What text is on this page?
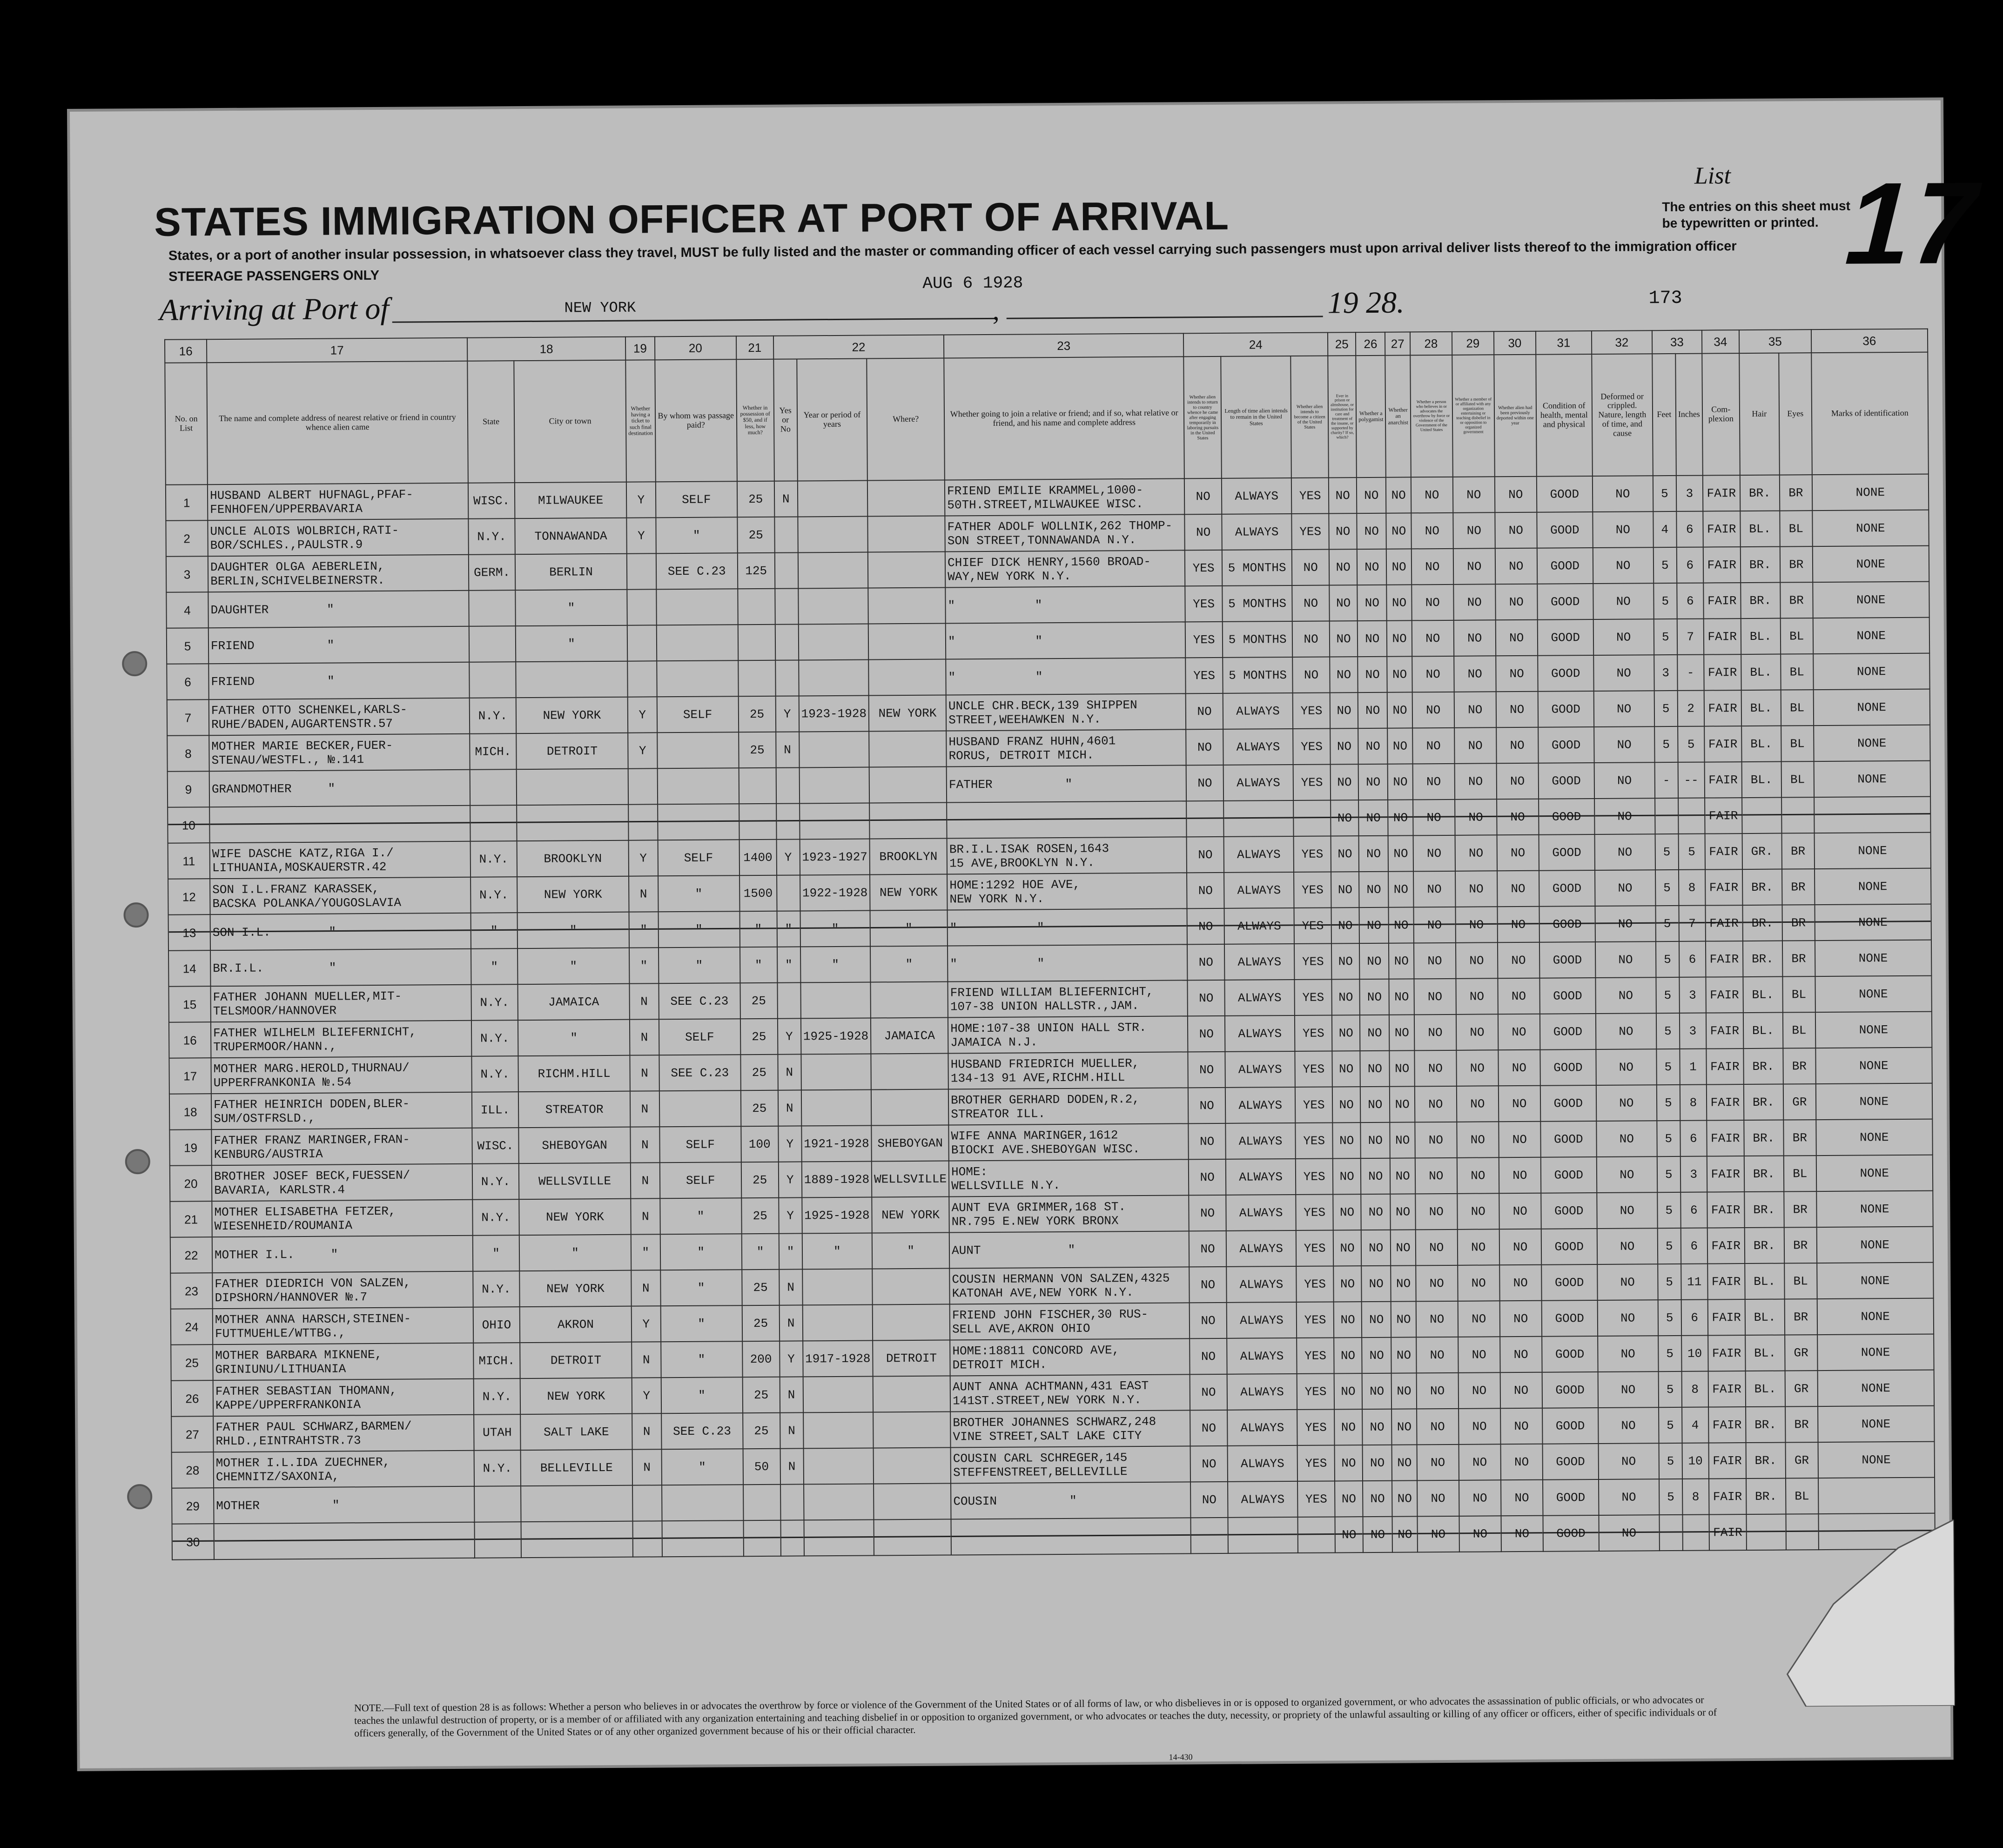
STATES IMMIGRATION OFFICER AT PORT OF ARRIVAL
States, or a port of another insular possession, in whatsoever class they travel, MUST be fully listed and the master or commanding officer of each vessel carrying such passengers must upon arrival deliver lists thereof to the immigration officer
STEERAGE PASSENGERS ONLY
List
The entries on this sheet must
be typewritten or printed. 17
Arriving at Port of	NEW YORK
AUG 6 1928
,	19 28.	173
16	17	18		19	20	21	22			23	24			25	26	27	28	29	30	31	32	33		34	35		36
No. on List	The name and complete address of nearest relative or friend in country whence alien came	State	City or town	Whether having a ticket to such final destination	By whom was passage paid?	Whether in possession of $50, and if less, how much?	Yes or No	Year or period of years	Where?	Whether going to join a relative or friend; and if so, what relative or friend, and his name and complete address	Whether alien intends to return to country whence he came after engaging temporarily in laboring pursuits in the United States	Length of time alien intends to remain in the United States	Whether alien intends to become a citizen of the United States	Ever in prison or almshouse, or institution for care and treatment of the insane, or supported by charity? If so, which?	Whether a polygamist	Whether an anarchist	Whether a person who believes in or advocates the overthrow by force or violence of the Government of the United States	Whether a member of or affiliated with any organization entertaining or teaching disbelief in or opposition to organized government	Whether alien had been previously deported within one year	Condition of health, mental and physical	Deformed or crippled. Nature, length of time, and cause	Feet	Inches	Com- plexion	Hair	Eyes	Marks of identification
1	HUSBAND ALBERT HUFNAGL,PFAF-
FENHOFEN/UPPERBAVARIA	WISC.	MILWAUKEE	Y	SELF	25	N			FRIEND EMILIE KRAMMEL,1000-
50TH.STREET,MILWAUKEE WISC.	NO	ALWAYS	YES	NO	NO	NO	NO	NO	NO	GOOD	NO	5	3	FAIR	BR.	BR	NONE
2	UNCLE ALOIS WOLBRICH,RATI-
BOR/SCHLES.,PAULSTR.9	N.Y.	TONNAWANDA	Y	"	25				FATHER ADOLF WOLLNIK,262 THOMP-
SON STREET,TONNAWANDA N.Y.	NO	ALWAYS	YES	NO	NO	NO	NO	NO	NO	GOOD	NO	4	6	FAIR	BL.	BL	NONE
3	DAUGHTER OLGA AEBERLEIN,
BERLIN,SCHIVELBEINERSTR.	GERM.	BERLIN		SEE C.23	125				CHIEF DICK HENRY,1560 BROAD-
WAY,NEW YORK N.Y.	YES	5 MONTHS	NO	NO	NO	NO	NO	NO	NO	GOOD	NO	5	6	FAIR	BR.	BR	NONE
4	DAUGHTER        "		"							"           "	YES	5 MONTHS	NO	NO	NO	NO	NO	NO	NO	GOOD	NO	5	6	FAIR	BR.	BR	NONE
5	FRIEND          "		"							"           "	YES	5 MONTHS	NO	NO	NO	NO	NO	NO	NO	GOOD	NO	5	7	FAIR	BL.	BL	NONE
6	FRIEND          "									"           "	YES	5 MONTHS	NO	NO	NO	NO	NO	NO	NO	GOOD	NO	3	-	FAIR	BL.	BL	NONE
7	FATHER OTTO SCHENKEL,KARLS-
RUHE/BADEN,AUGARTENSTR.57	N.Y.	NEW YORK	Y	SELF	25	Y	1923-1928	NEW YORK	UNCLE CHR.BECK,139 SHIPPEN
STREET,WEEHAWKEN N.Y.	NO	ALWAYS	YES	NO	NO	NO	NO	NO	NO	GOOD	NO	5	2	FAIR	BL.	BL	NONE
8	MOTHER MARIE BECKER,FUER-
STENAU/WESTFL., №.141	MICH.	DETROIT	Y		25	N			HUSBAND FRANZ HUHN,4601
RORUS, DETROIT MICH.	NO	ALWAYS	YES	NO	NO	NO	NO	NO	NO	GOOD	NO	5	5	FAIR	BL.	BL	NONE
9	GRANDMOTHER     "									FATHER          "	NO	ALWAYS	YES	NO	NO	NO	NO	NO	NO	GOOD	NO	-	--	FAIR	BL.	BL	NONE
10														NO	NO	NO	NO	NO	NO	GOOD	NO			FAIR			
11	WIFE DASCHE KATZ,RIGA I./
LITHUANIA,MOSKAUERSTR.42	N.Y.	BROOKLYN	Y	SELF	1400	Y	1923-1927	BROOKLYN	BR.I.L.ISAK ROSEN,1643
15 AVE,BROOKLYN N.Y.	NO	ALWAYS	YES	NO	NO	NO	NO	NO	NO	GOOD	NO	5	5	FAIR	GR.	BR	NONE
12	SON I.L.FRANZ KARASSEK,
BACSKA POLANKA/YOUGOSLAVIA	N.Y.	NEW YORK	N	"	1500		1922-1928	NEW YORK	HOME:1292 HOE AVE,
NEW YORK N.Y.	NO	ALWAYS	YES	NO	NO	NO	NO	NO	NO	GOOD	NO	5	8	FAIR	BR.	BR	NONE
13	SON I.L.        "	"	"	"	"	"	"	"	"	"           "	NO	ALWAYS	YES	NO	NO	NO	NO	NO	NO	GOOD	NO	5	7	FAIR	BR.	BR	NONE
14	BR.I.L.         "	"	"	"	"	"	"	"	"	"           "	NO	ALWAYS	YES	NO	NO	NO	NO	NO	NO	GOOD	NO	5	6	FAIR	BR.	BR	NONE
15	FATHER JOHANN MUELLER,MIT-
TELSMOOR/HANNOVER	N.Y.	JAMAICA	N	SEE C.23	25				FRIEND WILLIAM BLIEFERNICHT,
107-38 UNION HALLSTR.,JAM.	NO	ALWAYS	YES	NO	NO	NO	NO	NO	NO	GOOD	NO	5	3	FAIR	BL.	BL	NONE
16	FATHER WILHELM BLIEFERNICHT,
TRUPERMOOR/HANN.,	N.Y.	"	N	SELF	25	Y	1925-1928	JAMAICA	HOME:107-38 UNION HALL STR.
JAMAICA N.J.	NO	ALWAYS	YES	NO	NO	NO	NO	NO	NO	GOOD	NO	5	3	FAIR	BL.	BL	NONE
17	MOTHER MARG.HEROLD,THURNAU/
UPPERFRANKONIA №.54	N.Y.	RICHM.HILL	N	SEE C.23	25	N			HUSBAND FRIEDRICH MUELLER,
134-13 91 AVE,RICHM.HILL	NO	ALWAYS	YES	NO	NO	NO	NO	NO	NO	GOOD	NO	5	1	FAIR	BR.	BR	NONE
18	FATHER HEINRICH DODEN,BLER-
SUM/OSTFRSLD.,	ILL.	STREATOR	N		25	N			BROTHER GERHARD DODEN,R.2,
STREATOR ILL.	NO	ALWAYS	YES	NO	NO	NO	NO	NO	NO	GOOD	NO	5	8	FAIR	BR.	GR	NONE
19	FATHER FRANZ MARINGER,FRAN-
KENBURG/AUSTRIA	WISC.	SHEBOYGAN	N	SELF	100	Y	1921-1928	SHEBOYGAN	WIFE ANNA MARINGER,1612
BIOCKI AVE.SHEBOYGAN WISC.	NO	ALWAYS	YES	NO	NO	NO	NO	NO	NO	GOOD	NO	5	6	FAIR	BR.	BR	NONE
20	BROTHER JOSEF BECK,FUESSEN/
BAVARIA, KARLSTR.4	N.Y.	WELLSVILLE	N	SELF	25	Y	1889-1928	WELLSVILLE	HOME:
WELLSVILLE N.Y.	NO	ALWAYS	YES	NO	NO	NO	NO	NO	NO	GOOD	NO	5	3	FAIR	BR.	BL	NONE
21	MOTHER ELISABETHA FETZER,
WIESENHEID/ROUMANIA	N.Y.	NEW YORK	N	"	25	Y	1925-1928	NEW YORK	AUNT EVA GRIMMER,168 ST.
NR.795 E.NEW YORK BRONX	NO	ALWAYS	YES	NO	NO	NO	NO	NO	NO	GOOD	NO	5	6	FAIR	BR.	BR	NONE
22	MOTHER I.L.     "	"	"	"	"	"	"	"	"	AUNT            "	NO	ALWAYS	YES	NO	NO	NO	NO	NO	NO	GOOD	NO	5	6	FAIR	BR.	BR	NONE
23	FATHER DIEDRICH VON SALZEN,
DIPSHORN/HANNOVER №.7	N.Y.	NEW YORK	N	"	25	N			COUSIN HERMANN VON SALZEN,4325
KATONAH AVE,NEW YORK N.Y.	NO	ALWAYS	YES	NO	NO	NO	NO	NO	NO	GOOD	NO	5	11	FAIR	BL.	BL	NONE
24	MOTHER ANNA HARSCH,STEINEN-
FUTTMUEHLE/WTTBG.,	OHIO	AKRON	Y	"	25	N			FRIEND JOHN FISCHER,30 RUS-
SELL AVE,AKRON OHIO	NO	ALWAYS	YES	NO	NO	NO	NO	NO	NO	GOOD	NO	5	6	FAIR	BL.	BR	NONE
25	MOTHER BARBARA MIKNENE,
GRINIUNU/LITHUANIA	MICH.	DETROIT	N	"	200	Y	1917-1928	DETROIT	HOME:18811 CONCORD AVE,
DETROIT MICH.	NO	ALWAYS	YES	NO	NO	NO	NO	NO	NO	GOOD	NO	5	10	FAIR	BL.	GR	NONE
26	FATHER SEBASTIAN THOMANN,
KAPPE/UPPERFRANKONIA	N.Y.	NEW YORK	Y	"	25	N			AUNT ANNA ACHTMANN,431 EAST
141ST.STREET,NEW YORK N.Y.	NO	ALWAYS	YES	NO	NO	NO	NO	NO	NO	GOOD	NO	5	8	FAIR	BL.	GR	NONE
27	FATHER PAUL SCHWARZ,BARMEN/
RHLD.,EINTRAHTSTR.73	UTAH	SALT LAKE	N	SEE C.23	25	N			BROTHER JOHANNES SCHWARZ,248
VINE STREET,SALT LAKE CITY	NO	ALWAYS	YES	NO	NO	NO	NO	NO	NO	GOOD	NO	5	4	FAIR	BR.	BR	NONE
28	MOTHER I.L.IDA ZUECHNER,
CHEMNITZ/SAXONIA,	N.Y.	BELLEVILLE	N	"	50	N			COUSIN CARL SCHREGER,145
STEFFENSTREET,BELLEVILLE	NO	ALWAYS	YES	NO	NO	NO	NO	NO	NO	GOOD	NO	5	10	FAIR	BR.	GR	NONE
29	MOTHER          "									COUSIN          "	NO	ALWAYS	YES	NO	NO	NO	NO	NO	NO	GOOD	NO	5	8	FAIR	BR.	BL	
30														NO	NO	NO	NO	NO	NO	GOOD	NO			FAIR			
NOTE.—Full text of question 28 is as follows: Whether a person who believes in or advocates the overthrow by force or violence of the Government of the United States or of all forms of law, or who disbelieves in or is opposed to organized government, or who advocates the assassination of public officials, or who advocates or teaches the unlawful destruction of property, or is a member of or affiliated with any organization entertaining and teaching disbelief in or opposition to organized government, or who advocates or teaches the duty, necessity, or propriety of the unlawful assaulting or killing of any officer or officers, either of specific individuals or of officers generally, of the Government of the United States or of any other organized government because of his or their official character.
14-430
